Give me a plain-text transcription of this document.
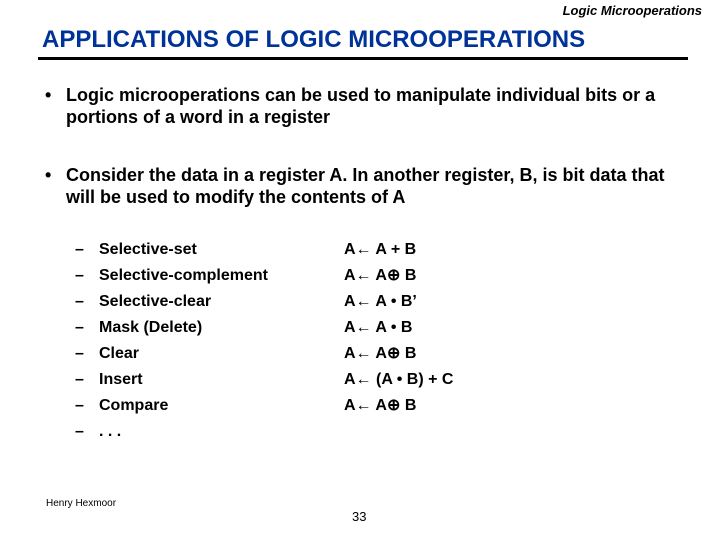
Logic Microoperations
APPLICATIONS OF LOGIC MICROOPERATIONS
• Logic microoperations can be used to manipulate individual bits or a portions of a word in a register
• Consider the data in a register A. In another register, B, is bit data that will be used to modify the contents of A
– Selective-set	A← A + B
– Selective-complement	A← A⊕ B
– Selective-clear	A← A • B’
– Mask (Delete)	A← A • B
– Clear	A← A⊕ B
– Insert	A← (A • B) + C
– Compare	A← A⊕ B
– . . .
Henry Hexmoor
33
